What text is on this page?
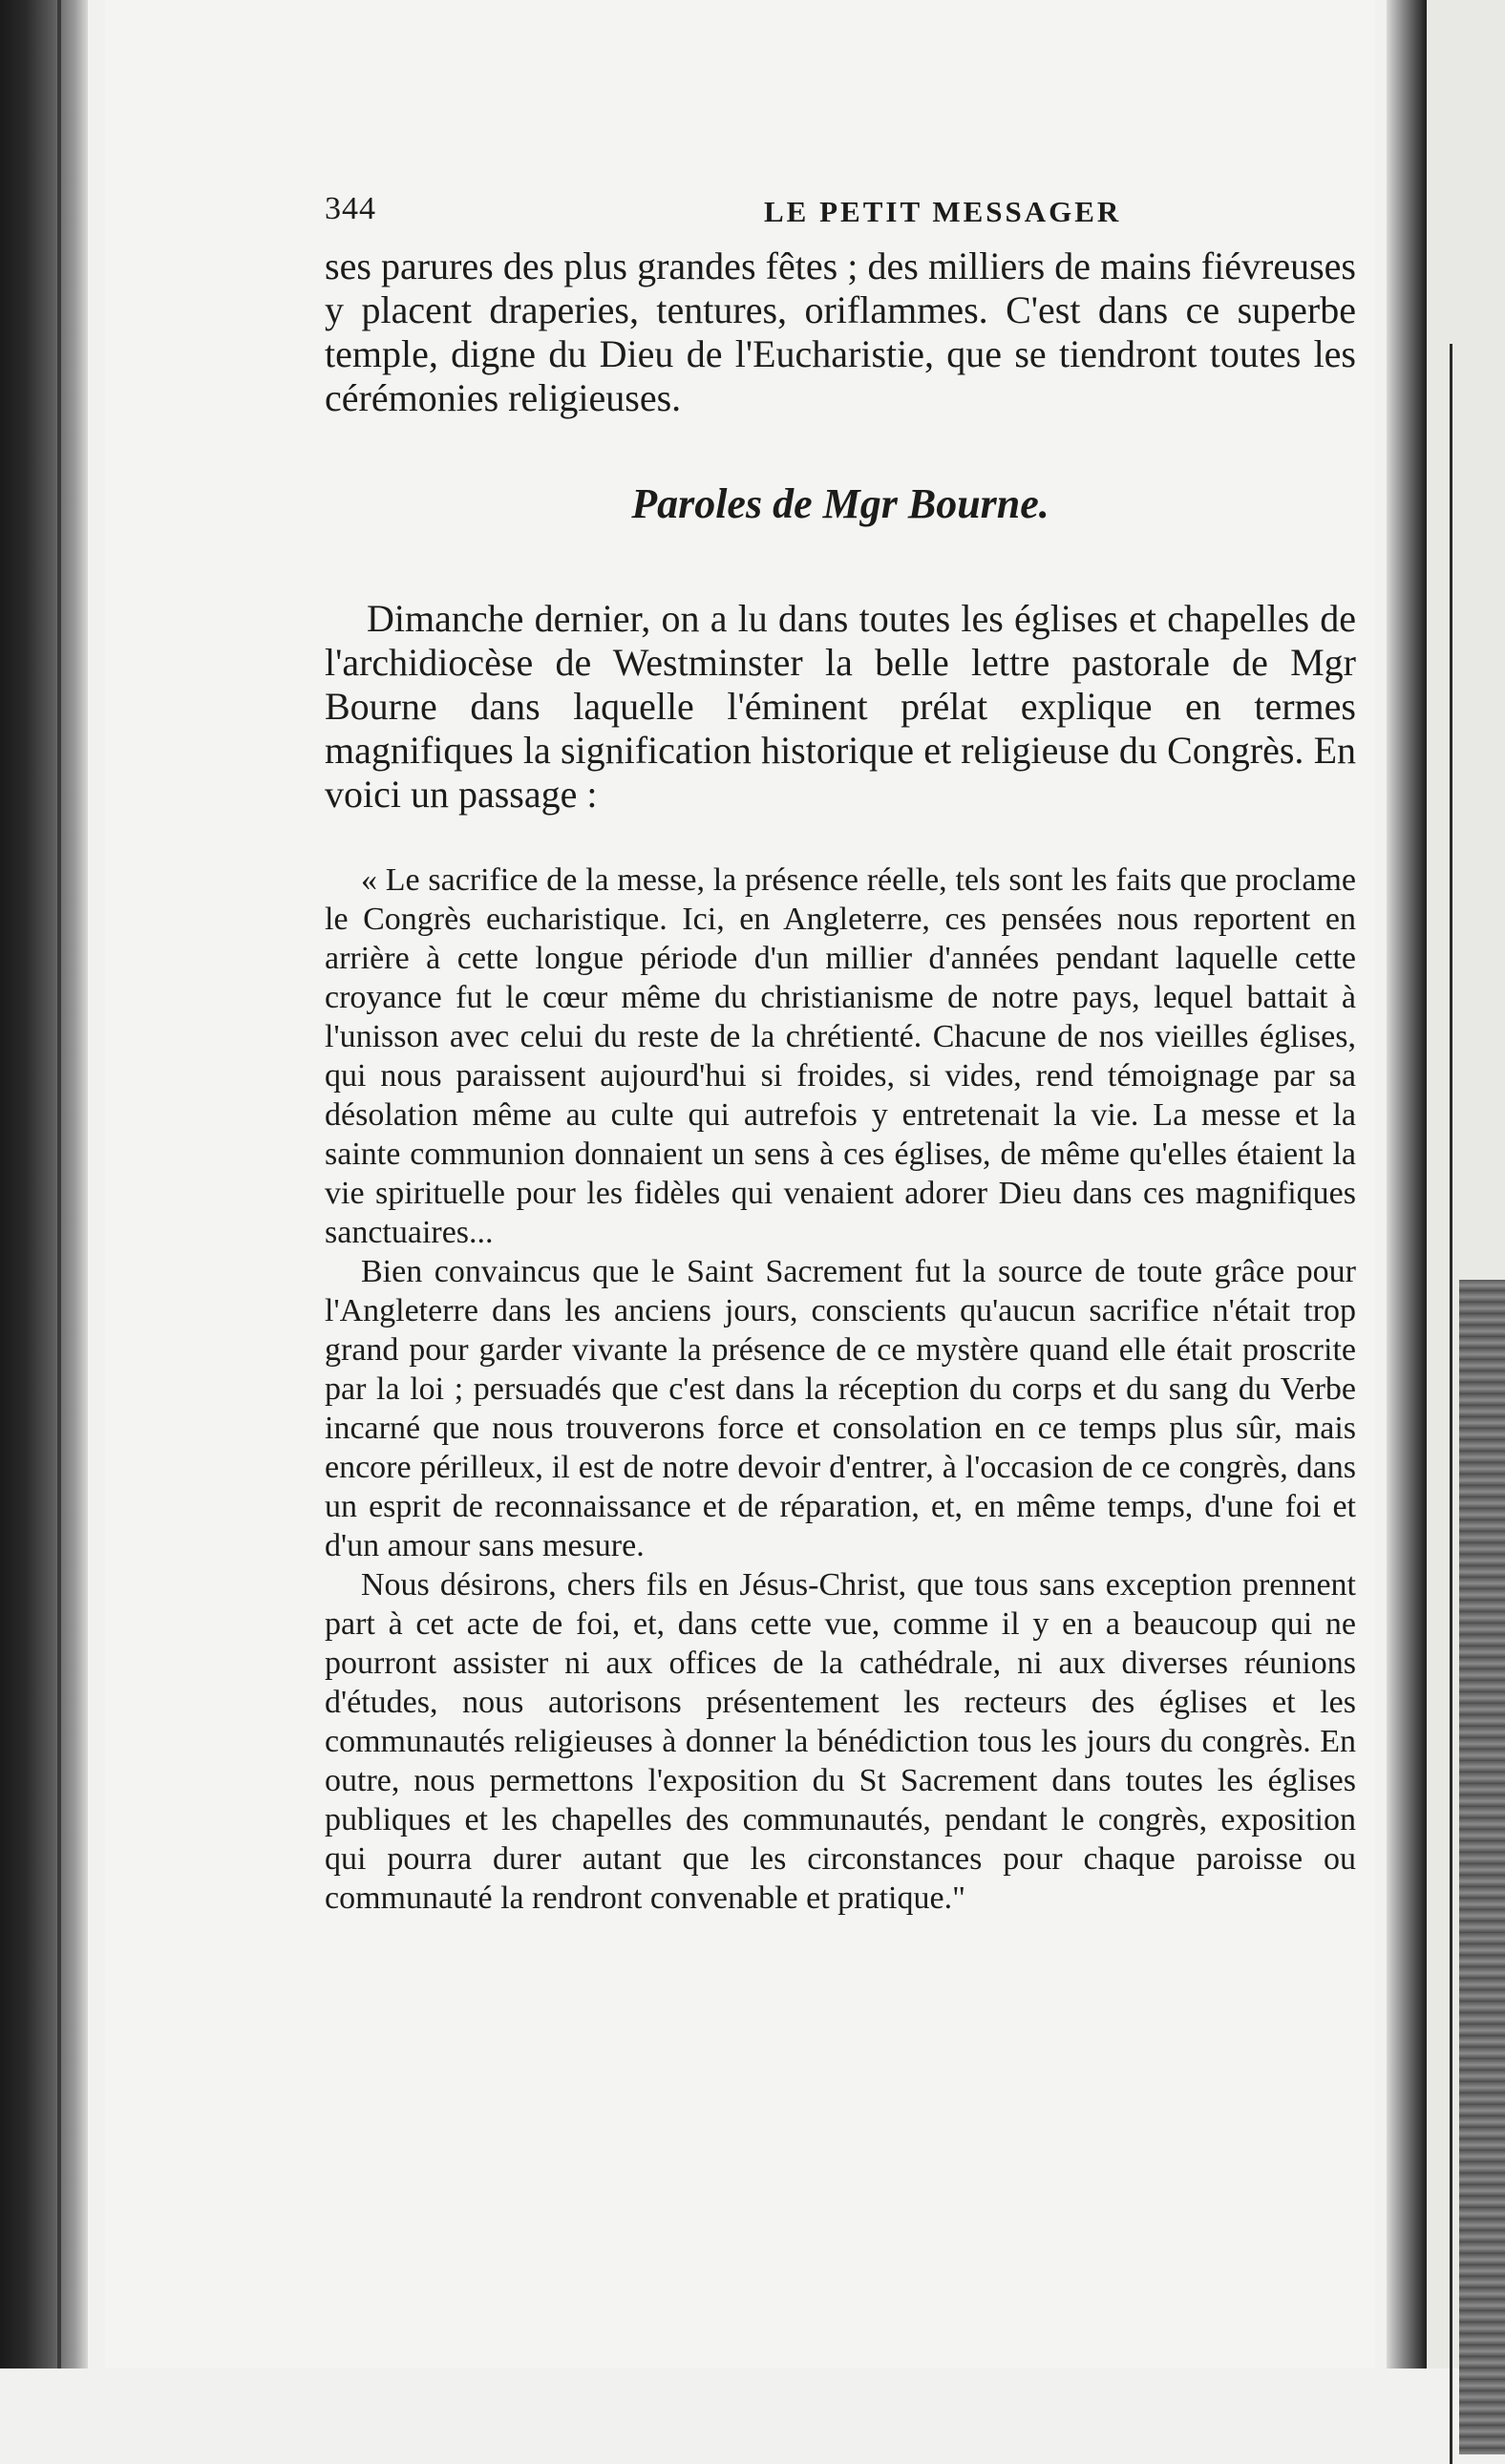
344	LE PETIT MESSAGER

ses parures des plus grandes fêtes ; des milliers de mains fiévreuses y placent draperies, tentures, oriflammes. C'est dans ce superbe temple, digne du Dieu de l'Eucharistie, que se tiendront toutes les cérémonies religieuses.

Paroles de Mgr Bourne.

Dimanche dernier, on a lu dans toutes les églises et chapelles de l'archidiocèse de Westminster la belle lettre pastorale de Mgr Bourne dans laquelle l'éminent prélat explique en termes magnifiques la signification historique et religieuse du Congrès. En voici un passage :

« Le sacrifice de la messe, la présence réelle, tels sont les faits que proclame le Congrès eucharistique. Ici, en Angleterre, ces pensées nous reportent en arrière à cette longue période d'un millier d'années pendant laquelle cette croyance fut le cœur même du christianisme de notre pays, lequel battait à l'unisson avec celui du reste de la chrétienté. Chacune de nos vieilles églises, qui nous paraissent aujourd'hui si froides, si vides, rend témoignage par sa désolation même au culte qui autrefois y entretenait la vie. La messe et la sainte communion donnaient un sens à ces églises, de même qu'elles étaient la vie spirituelle pour les fidèles qui venaient adorer Dieu dans ces magnifiques sanctuaires...

Bien convaincus que le Saint Sacrement fut la source de toute grâce pour l'Angleterre dans les anciens jours, conscients qu'aucun sacrifice n'était trop grand pour garder vivante la présence de ce mystère quand elle était proscrite par la loi ; persuadés que c'est dans la réception du corps et du sang du Verbe incarné que nous trouverons force et consolation en ce temps plus sûr, mais encore périlleux, il est de notre devoir d'entrer, à l'occasion de ce congrès, dans un esprit de reconnaissance et de réparation, et, en même temps, d'une foi et d'un amour sans mesure.

Nous désirons, chers fils en Jésus-Christ, que tous sans exception prennent part à cet acte de foi, et, dans cette vue, comme il y en a beaucoup qui ne pourront assister ni aux offices de la cathédrale, ni aux diverses réunions d'études, nous autorisons présentement les recteurs des églises et les communautés religieuses à donner la bénédiction tous les jours du congrès. En outre, nous permettons l'exposition du St Sacrement dans toutes les églises publiques et les chapelles des communautés, pendant le congrès, exposition qui pourra durer autant que les circonstances pour chaque paroisse ou communauté la rendront convenable et pratique."
